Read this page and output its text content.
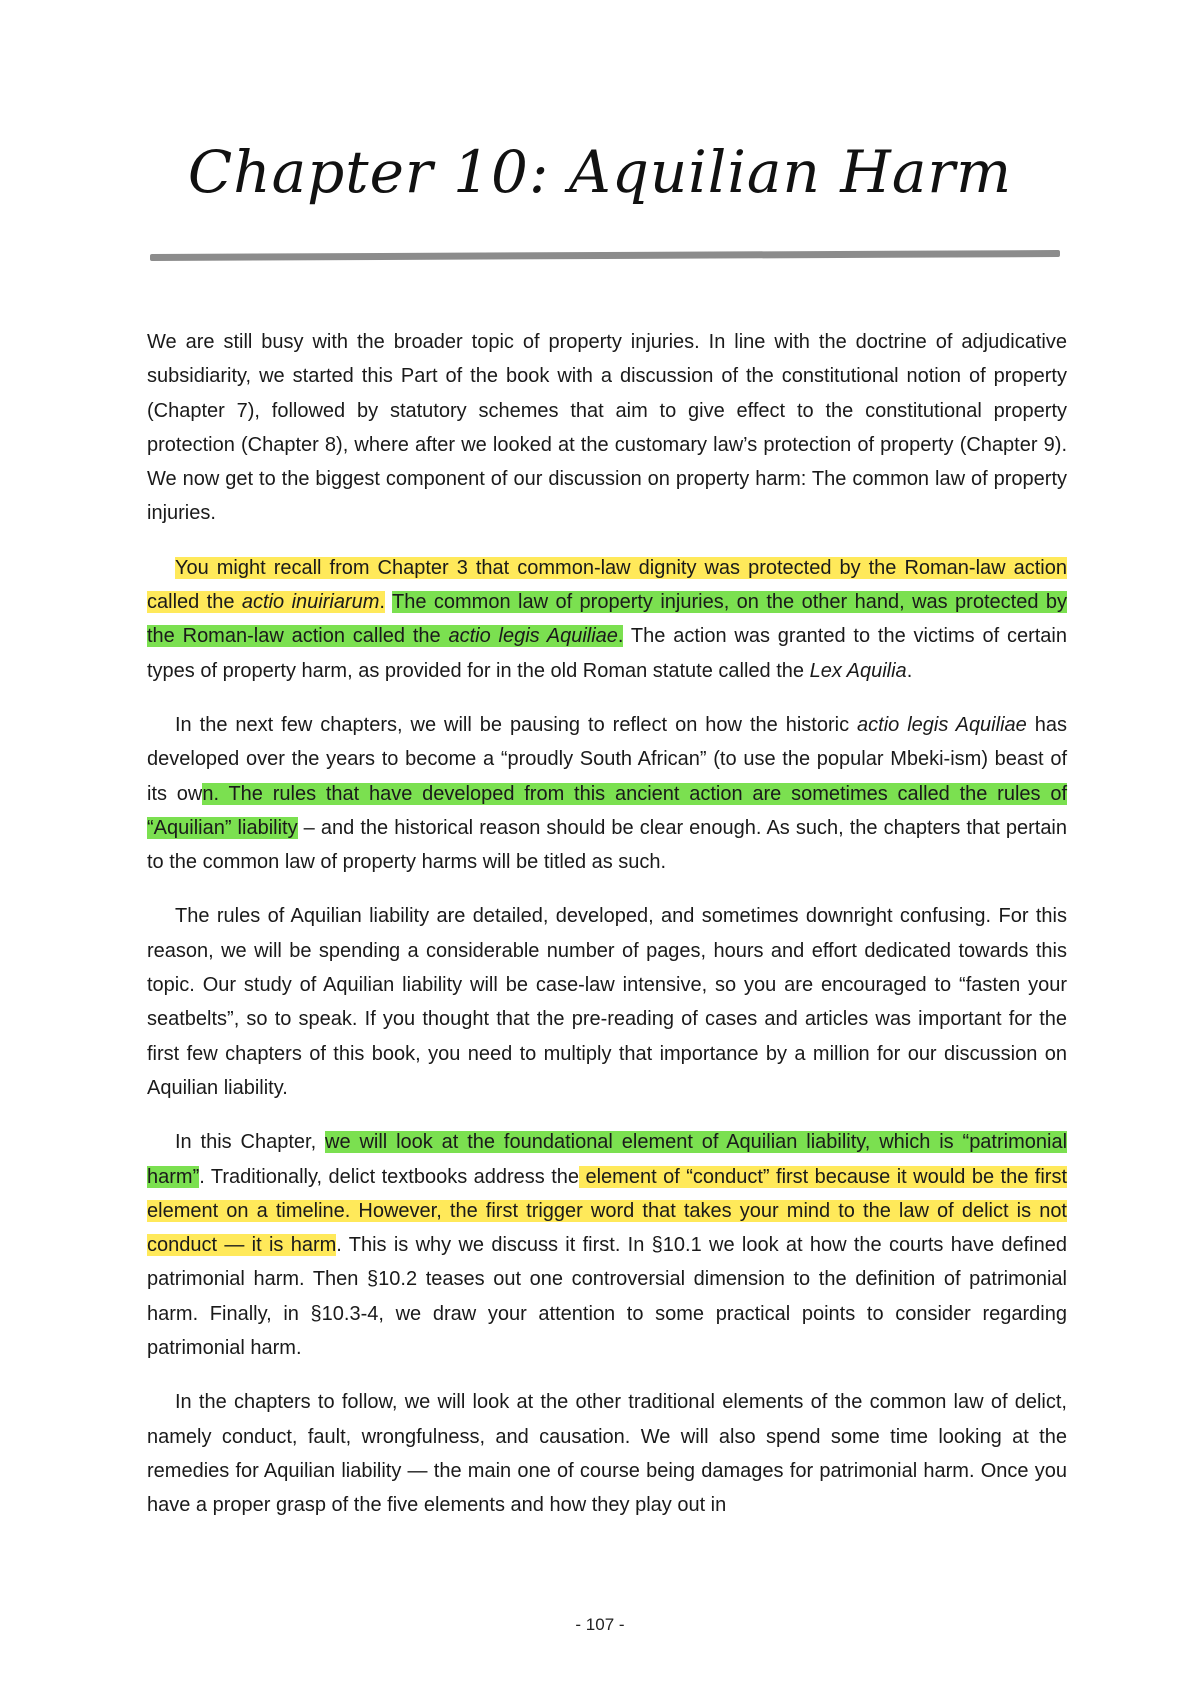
Chapter 10: Aquilian Harm

We are still busy with the broader topic of property injuries. In line with the doctrine of adjudicative subsidiarity, we started this Part of the book with a discussion of the constitutional notion of property (Chapter 7), followed by statutory schemes that aim to give effect to the constitutional property protection (Chapter 8), where after we looked at the customary law’s protection of property (Chapter 9). We now get to the biggest component of our discussion on property harm: The common law of property injuries.

You might recall from Chapter 3 that common-law dignity was protected by the Roman-law action called the actio inuiriarum. The common law of property injuries, on the other hand, was protected by the Roman-law action called the actio legis Aquiliae. The action was granted to the victims of certain types of property harm, as provided for in the old Roman statute called the Lex Aquilia.

In the next few chapters, we will be pausing to reflect on how the historic actio legis Aquiliae has developed over the years to become a “proudly South African” (to use the popular Mbeki-ism) beast of its own. The rules that have developed from this ancient action are sometimes called the rules of “Aquilian” liability – and the historical reason should be clear enough. As such, the chapters that pertain to the common law of property harms will be titled as such.

The rules of Aquilian liability are detailed, developed, and sometimes downright confusing. For this reason, we will be spending a considerable number of pages, hours and effort dedicated towards this topic. Our study of Aquilian liability will be case-law intensive, so you are encouraged to “fasten your seatbelts”, so to speak. If you thought that the pre-reading of cases and articles was important for the first few chapters of this book, you need to multiply that importance by a million for our discussion on Aquilian liability.

In this Chapter, we will look at the foundational element of Aquilian liability, which is “patrimonial harm”. Traditionally, delict textbooks address the element of “conduct” first because it would be the first element on a timeline. However, the first trigger word that takes your mind to the law of delict is not conduct — it is harm. This is why we discuss it first. In §10.1 we look at how the courts have defined patrimonial harm. Then §10.2 teases out one controversial dimension to the definition of patrimonial harm. Finally, in §10.3-4, we draw your attention to some practical points to consider regarding patrimonial harm.

In the chapters to follow, we will look at the other traditional elements of the common law of delict, namely conduct, fault, wrongfulness, and causation. We will also spend some time looking at the remedies for Aquilian liability — the main one of course being damages for patrimonial harm. Once you have a proper grasp of the five elements and how they play out in

- 107 -
